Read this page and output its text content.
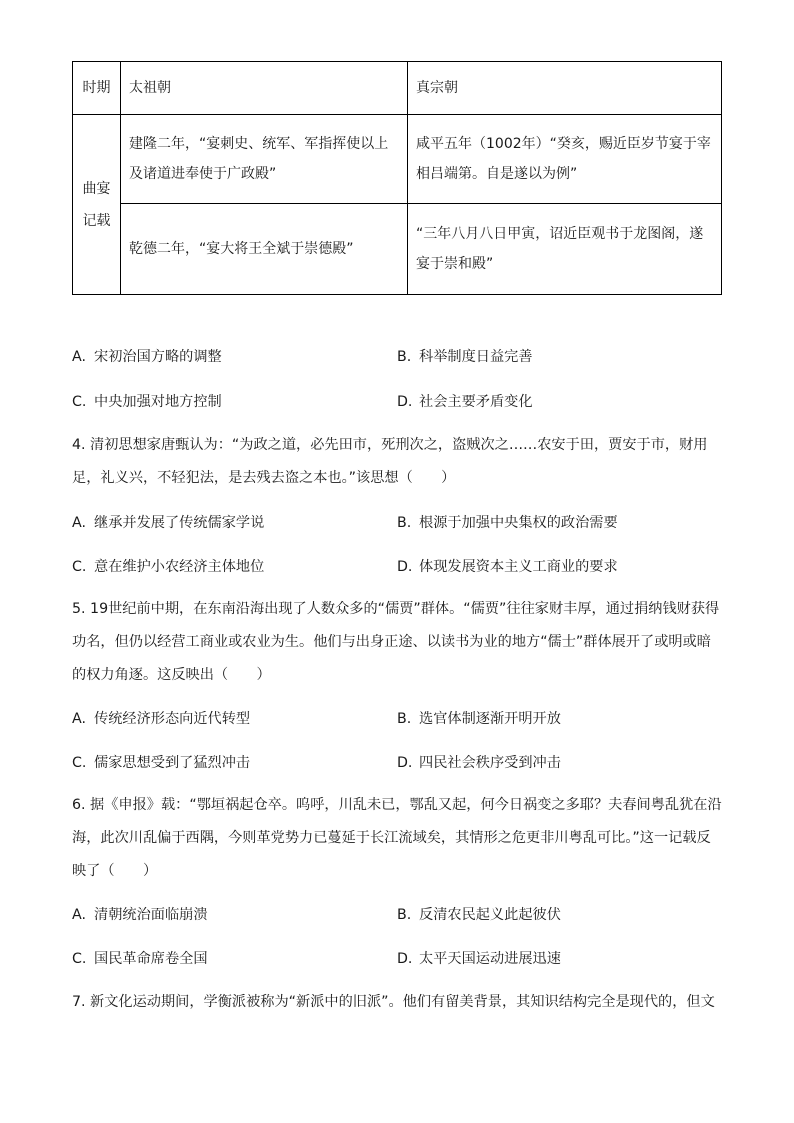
时期	太祖朝	真宗朝

曲宴
记载	建隆二年，“宴刺史、统军、军指挥使以上及诸道进奉使于广政殿”	咸平五年（1002年）“癸亥，赐近臣岁节宴于宰相吕端第。自是遂以为例”
	乾德二年，“宴大将王全斌于崇德殿”	“三年八月八日甲寅，诏近臣观书于龙图阁，遂宴于崇和殿”
A. 宋初治国方略的调整	B. 科举制度日益完善
C. 中央加强对地方控制	D. 社会主要矛盾变化

4. 清初思想家唐甄认为：“为政之道，必先田市，死刑次之，盗贼次之……农安于田，贾安于市，财用足，礼义兴，不轻犯法，是去残去盗之本也。”该思想（　　）

A. 继承并发展了传统儒家学说	B. 根源于加强中央集权的政治需要
C. 意在维护小农经济主体地位	D. 体现发展资本主义工商业的要求

5. 19世纪前中期，在东南沿海出现了人数众多的“儒贾”群体。“儒贾”往往家财丰厚，通过捐纳钱财获得功名，但仍以经营工商业或农业为生。他们与出身正途、以读书为业的地方“儒士”群体展开了或明或暗的权力角逐。这反映出（　　）

A. 传统经济形态向近代转型	B. 选官体制逐渐开明开放
C. 儒家思想受到了猛烈冲击	D. 四民社会秩序受到冲击

6. 据《申报》载：“鄂垣祸起仓卒。呜呼，川乱未已，鄂乱又起，何今日祸变之多耶？夫春间粤乱犹在沿海，此次川乱偏于西隅，今则革党势力已蔓延于长江流域矣，其情形之危更非川粤乱可比。”这一记载反映了（　　）

A. 清朝统治面临崩溃	B. 反清农民起义此起彼伏
C. 国民革命席卷全国	D. 太平天国运动进展迅速

7. 新文化运动期间，学衡派被称为“新派中的旧派”。他们有留美背景，其知识结构完全是现代的，但文
